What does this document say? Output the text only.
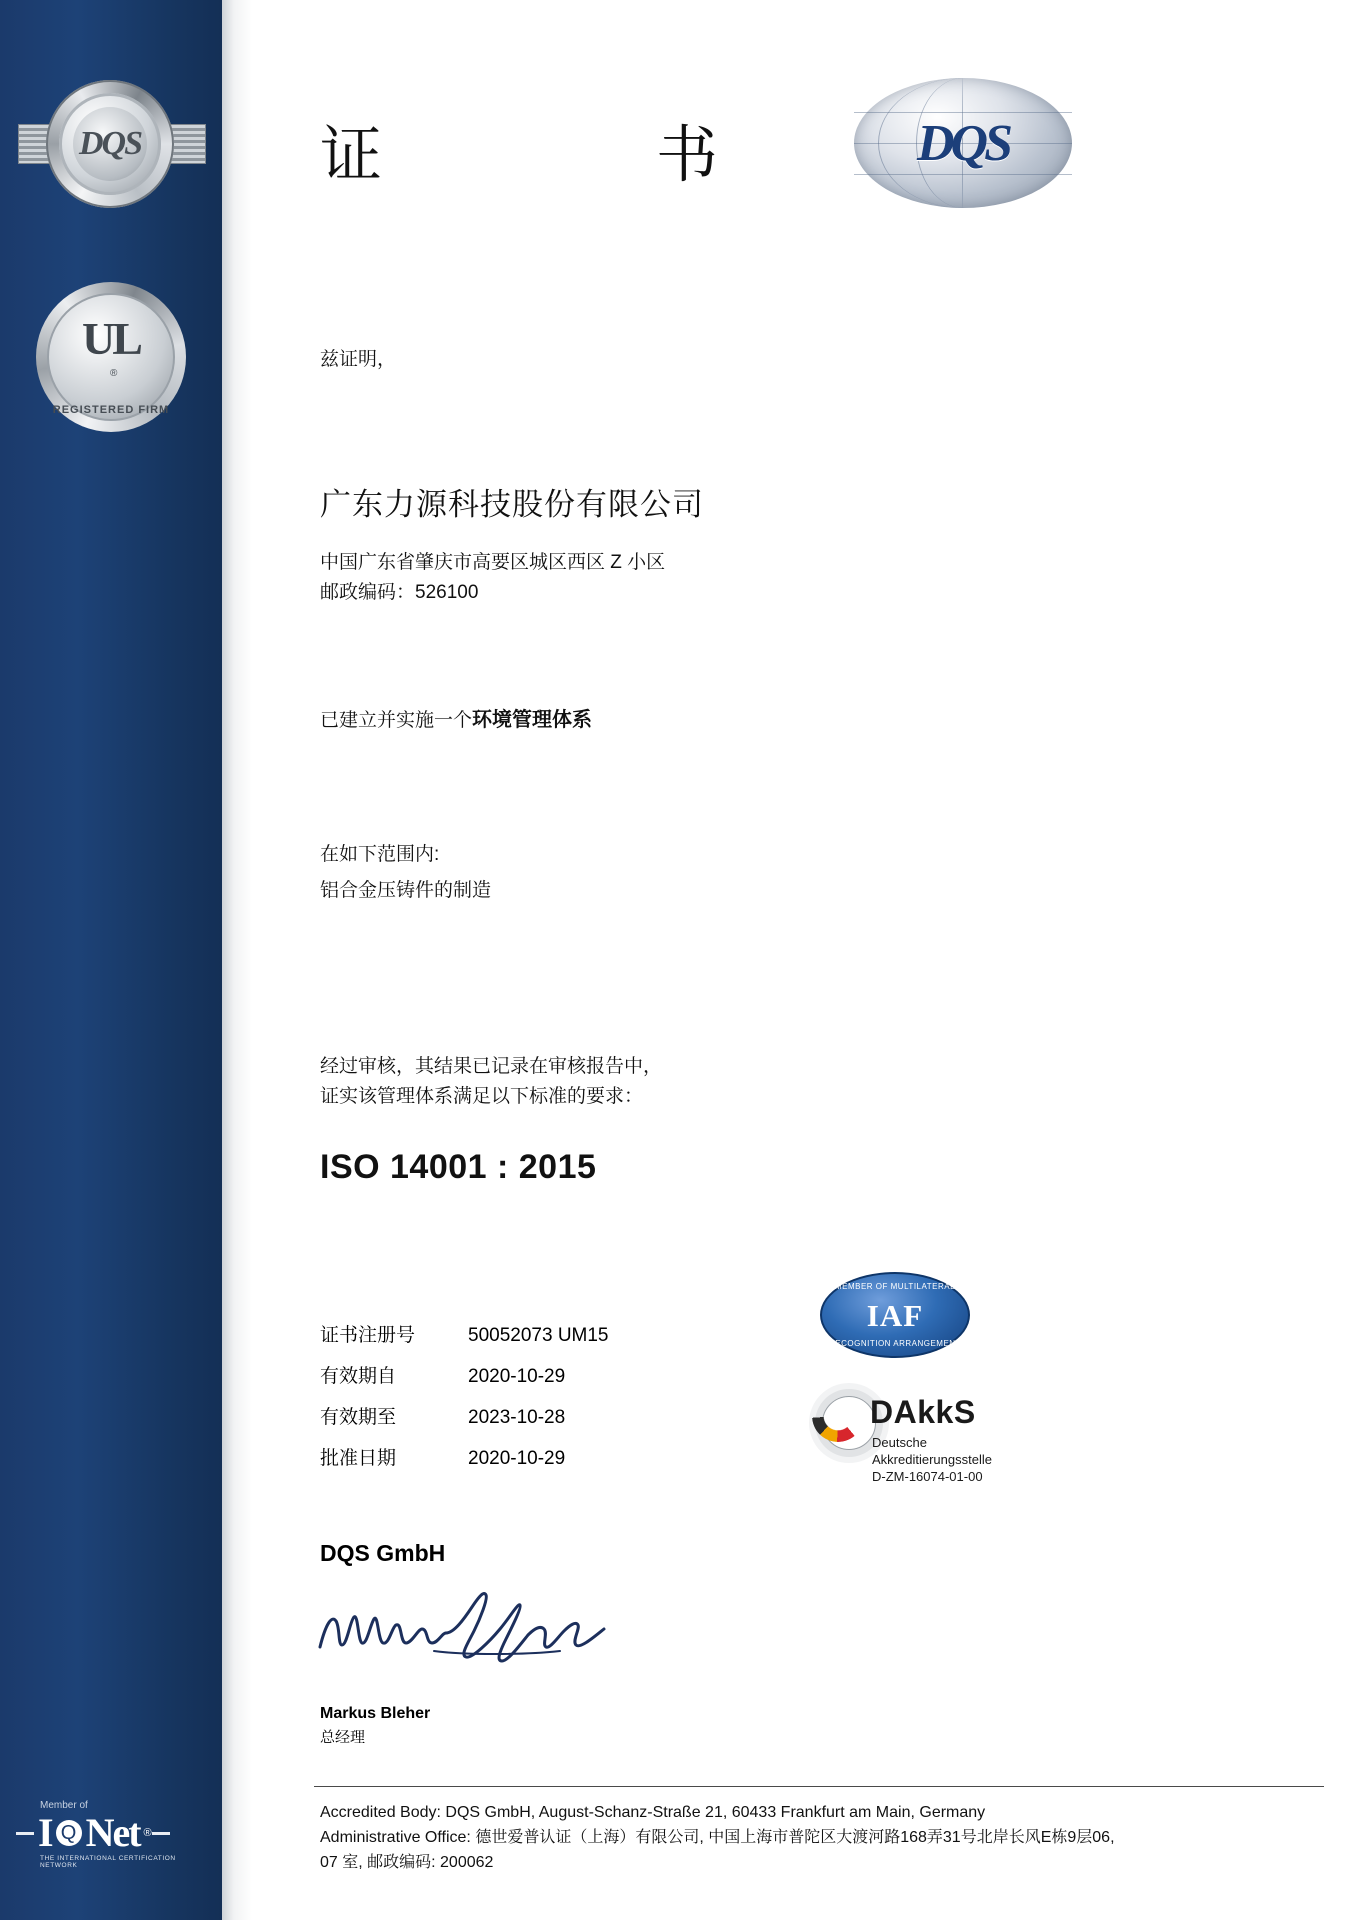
DQS
UL
®
REGISTERED FIRM
Member of
I Q Net ®
THE INTERNATIONAL CERTIFICATION NETWORK
证　　书	DQS
兹证明，
广东力源科技股份有限公司
中国广东省肇庆市高要区城区西区 Z 小区
邮政编码：526100
已建立并实施一个环境管理体系
在如下范围内:
铝合金压铸件的制造
经过审核，其结果已记录在审核报告中，
证实该管理体系满足以下标准的要求：
ISO 14001 : 2015
证书注册号	50052073 UM15
有效期自	2020-10-29
有效期至	2023-10-28
批准日期	2020-10-29
MEMBER OF MULTILATERAL
IAF
RECOGNITION ARRANGEMENT
DAkkS
Deutsche
Akkreditierungsstelle
D-ZM-16074-01-00
DQS GmbH
Markus Bleher
总经理
Accredited Body: DQS GmbH, August-Schanz-Straße 21, 60433 Frankfurt am Main, Germany
Administrative Office: 德世爱普认证（上海）有限公司, 中国上海市普陀区大渡河路168弄31号北岸长风E栋9层06,
07 室, 邮政编码: 200062
